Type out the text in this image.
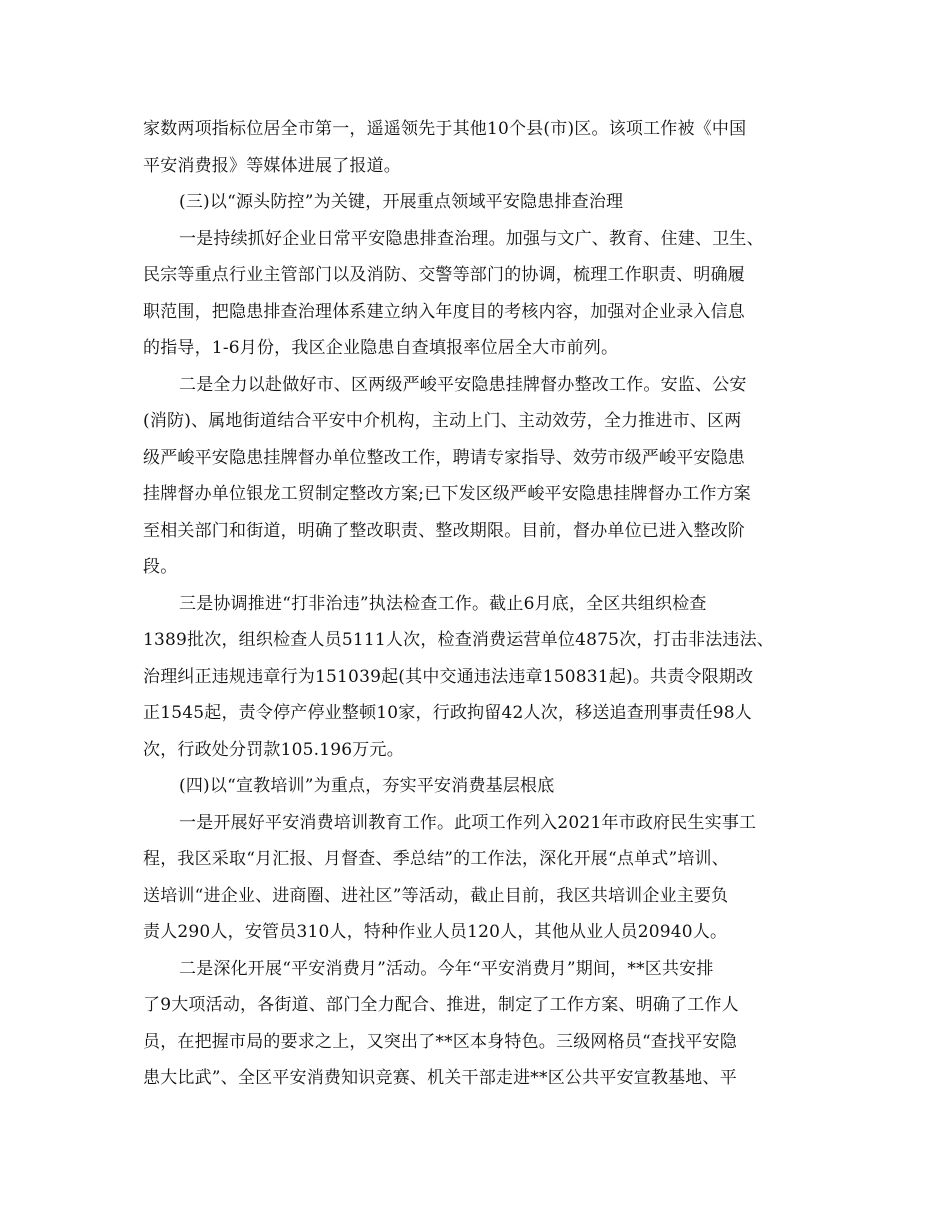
家数两项指标位居全市第一，遥遥领先于其他10个县(市)区。该项工作被《中国
平安消费报》等媒体进展了报道。
(三)以“源头防控”为关键，开展重点领域平安隐患排查治理
一是持续抓好企业日常平安隐患排查治理。加强与文广、教育、住建、卫生、
民宗等重点行业主管部门以及消防、交警等部门的协调，梳理工作职责、明确履
职范围，把隐患排查治理体系建立纳入年度目的考核内容，加强对企业录入信息
的指导，1-6月份，我区企业隐患自查填报率位居全大市前列。
二是全力以赴做好市、区两级严峻平安隐患挂牌督办整改工作。安监、公安
(消防)、属地街道结合平安中介机构，主动上门、主动效劳，全力推进市、区两
级严峻平安隐患挂牌督办单位整改工作，聘请专家指导、效劳市级严峻平安隐患
挂牌督办单位银龙工贸制定整改方案;已下发区级严峻平安隐患挂牌督办工作方案
至相关部门和街道，明确了整改职责、整改期限。目前，督办单位已进入整改阶
段。
三是协调推进“打非治违”执法检查工作。截止6月底，全区共组织检查
1389批次，组织检查人员5111人次，检查消费运营单位4875次，打击非法违法、
治理纠正违规违章行为151039起(其中交通违法违章150831起)。共责令限期改
正1545起，责令停产停业整顿10家，行政拘留42人次，移送追查刑事责任98人
次，行政处分罚款105.196万元。
(四)以“宣教培训”为重点，夯实平安消费基层根底
一是开展好平安消费培训教育工作。此项工作列入2021年市政府民生实事工
程，我区采取“月汇报、月督查、季总结”的工作法，深化开展“点单式”培训、
送培训“进企业、进商圈、进社区”等活动，截止目前，我区共培训企业主要负
责人290人，安管员310人，特种作业人员120人，其他从业人员20940人。
二是深化开展“平安消费月”活动。今年“平安消费月”期间，**区共安排
了9大项活动，各街道、部门全力配合、推进，制定了工作方案、明确了工作人
员，在把握市局的要求之上，又突出了**区本身特色。三级网格员“查找平安隐
患大比武”、全区平安消费知识竞赛、机关干部走进**区公共平安宣教基地、平
